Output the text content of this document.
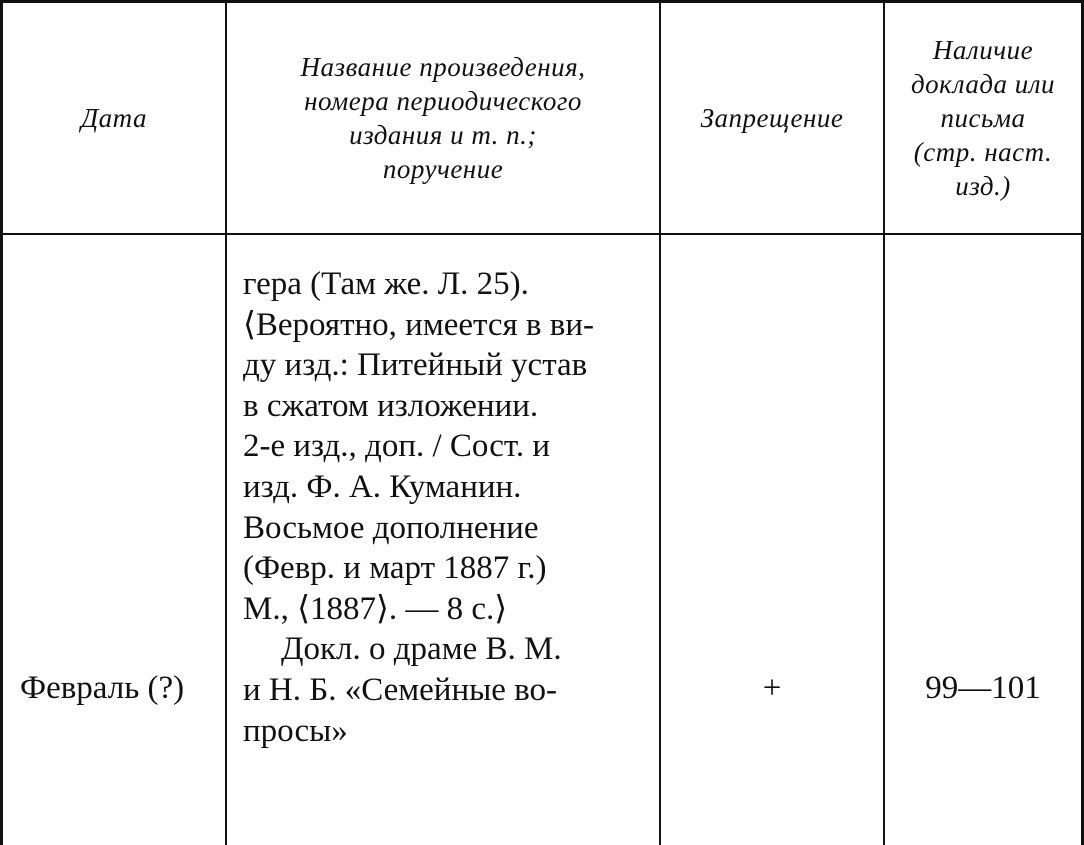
Дата
Название произведения,
номера периодического
издания и т. п.;
поручение
Запрещение
Наличие
доклада или
письма
(стр. наст.
изд.)
гера (Там же. Л. 25).
⟨Вероятно, имеется в ви-
ду изд.: Питейный устав
в сжатом изложении.
2-е изд., доп. / Сост. и
изд. Ф. А. Куманин.
Восьмое дополнение
(Февр. и март 1887 г.)
М., ⟨1887⟩. — 8 с.⟩
Докл. о драме В. М.
и Н. Б. «Семейные во-
просы»
Февраль (?)	+	99—101
